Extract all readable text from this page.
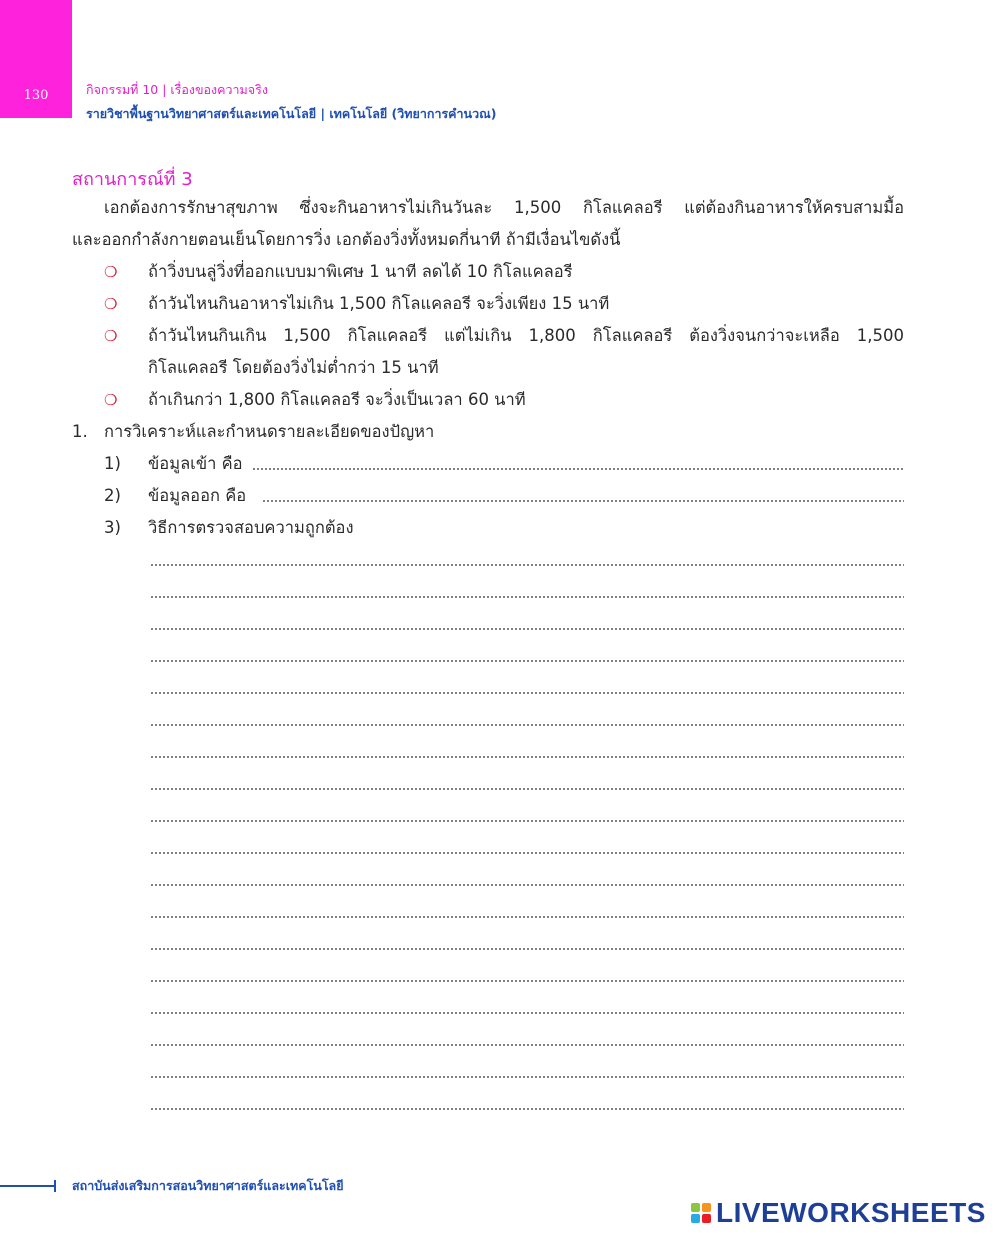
130	กิจกรรมที่ 10 | เรื่องของความจริง
รายวิชาพื้นฐานวิทยาศาสตร์และเทคโนโลยี | เทคโนโลยี (วิทยาการคำนวณ)
สถานการณ์ที่ 3
เอกต้องการรักษาสุขภาพ ซึ่งจะกินอาหารไม่เกินวันละ 1,500 กิโลแคลอรี แต่ต้องกินอาหารให้ครบสามมื้อ
และออกกำลังกายตอนเย็นโดยการวิ่ง เอกต้องวิ่งทั้งหมดกี่นาที ถ้ามีเงื่อนไขดังนี้
❍ ถ้าวิ่งบนลู่วิ่งที่ออกแบบมาพิเศษ 1 นาที ลดได้ 10 กิโลแคลอรี
❍ ถ้าวันไหนกินอาหารไม่เกิน 1,500 กิโลแคลอรี จะวิ่งเพียง 15 นาที
❍ ถ้าวันไหนกินเกิน 1,500 กิโลแคลอรี แต่ไม่เกิน 1,800 กิโลแคลอรี ต้องวิ่งจนกว่าจะเหลือ 1,500
กิโลแคลอรี โดยต้องวิ่งไม่ต่ำกว่า 15 นาที
❍ ถ้าเกินกว่า 1,800 กิโลแคลอรี จะวิ่งเป็นเวลา 60 นาที
1. การวิเคราะห์และกำหนดรายละเอียดของปัญหา
1) ข้อมูลเข้า คือ
2) ข้อมูลออก คือ
3) วิธีการตรวจสอบความถูกต้อง
สถาบันส่งเสริมการสอนวิทยาศาสตร์และเทคโนโลยี
LIVEWORKSHEETS
